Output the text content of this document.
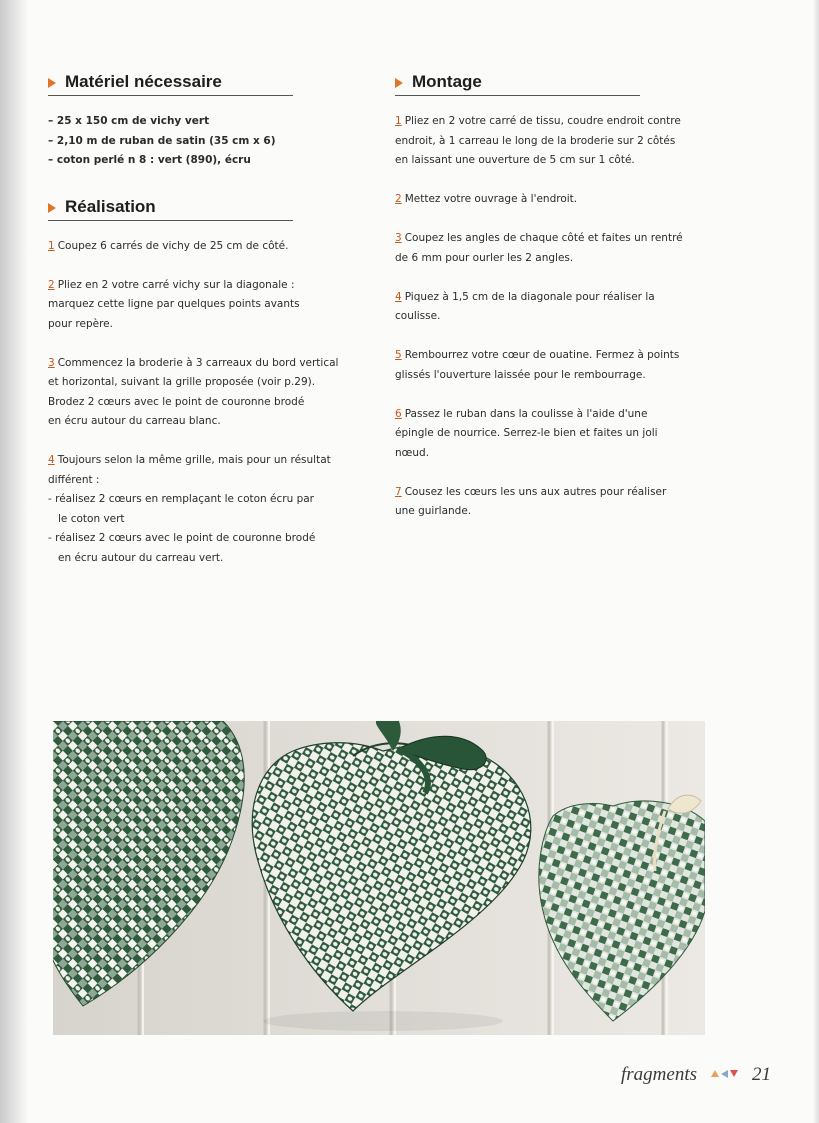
Matériel nécessaire
– 25 x 150 cm de vichy vert
– 2,10 m de ruban de satin (35 cm x 6)
– coton perlé n 8 : vert (890), écru
Réalisation
1 Coupez 6 carrés de vichy de 25 cm de côté.
2 Pliez en 2 votre carré vichy sur la diagonale :
marquez cette ligne par quelques points avants
pour repère.
3 Commencez la broderie à 3 carreaux du bord vertical
et horizontal, suivant la grille proposée (voir p.29).
Brodez 2 cœurs avec le point de couronne brodé
en écru autour du carreau blanc.
4 Toujours selon la même grille, mais pour un résultat
différent :
- réalisez 2 cœurs en remplaçant le coton écru par
le coton vert
- réalisez 2 cœurs avec le point de couronne brodé
en écru autour du carreau vert.
Montage
1 Pliez en 2 votre carré de tissu, coudre endroit contre
endroit, à 1 carreau le long de la broderie sur 2 côtés
en laissant une ouverture de 5 cm sur 1 côté.
2 Mettez votre ouvrage à l'endroit.
3 Coupez les angles de chaque côté et faites un rentré
de 6 mm pour ourler les 2 angles.
4 Piquez à 1,5 cm de la diagonale pour réaliser la
coulisse.
5 Rembourrez votre cœur de ouatine. Fermez à points
glissés l'ouverture laissée pour le rembourrage.
6 Passez le ruban dans la coulisse à l'aide d'une
épingle de nourrice. Serrez-le bien et faites un joli
nœud.
7 Cousez les cœurs les uns aux autres pour réaliser
une guirlande.
fragments	21
